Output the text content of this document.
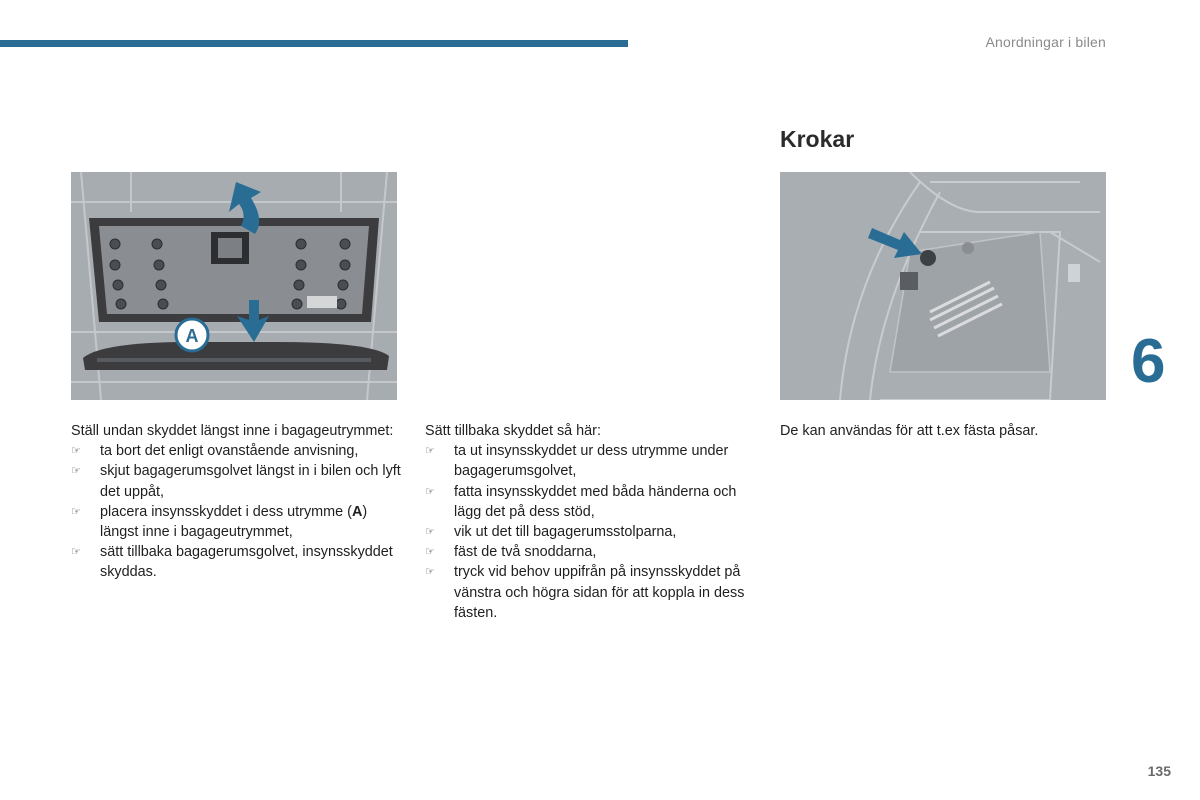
Anordningar i bilen
Krokar
A	6

Ställ undan skyddet längst inne i bagageutrymmet:

☞ ta bort det enligt ovanstående anvisning,
☞ skjut bagagerumsgolvet längst in i bilen och lyft det uppåt,
☞ placera insynsskyddet i dess utrymme (A) längst inne i bagageutrymmet,
☞ sätt tillbaka bagagerumsgolvet, insynsskyddet skyddas.

Sätt tillbaka skyddet så här:

☞ ta ut insynsskyddet ur dess utrymme under bagagerumsgolvet,
☞ fatta insynsskyddet med båda händerna och lägg det på dess stöd,
☞ vik ut det till bagagerumsstolparna,
☞ fäst de två snoddarna,
☞ tryck vid behov uppifrån på insynsskyddet på vänstra och högra sidan för att koppla in dess fästen.

De kan användas för att t.ex fästa påsar.

135
